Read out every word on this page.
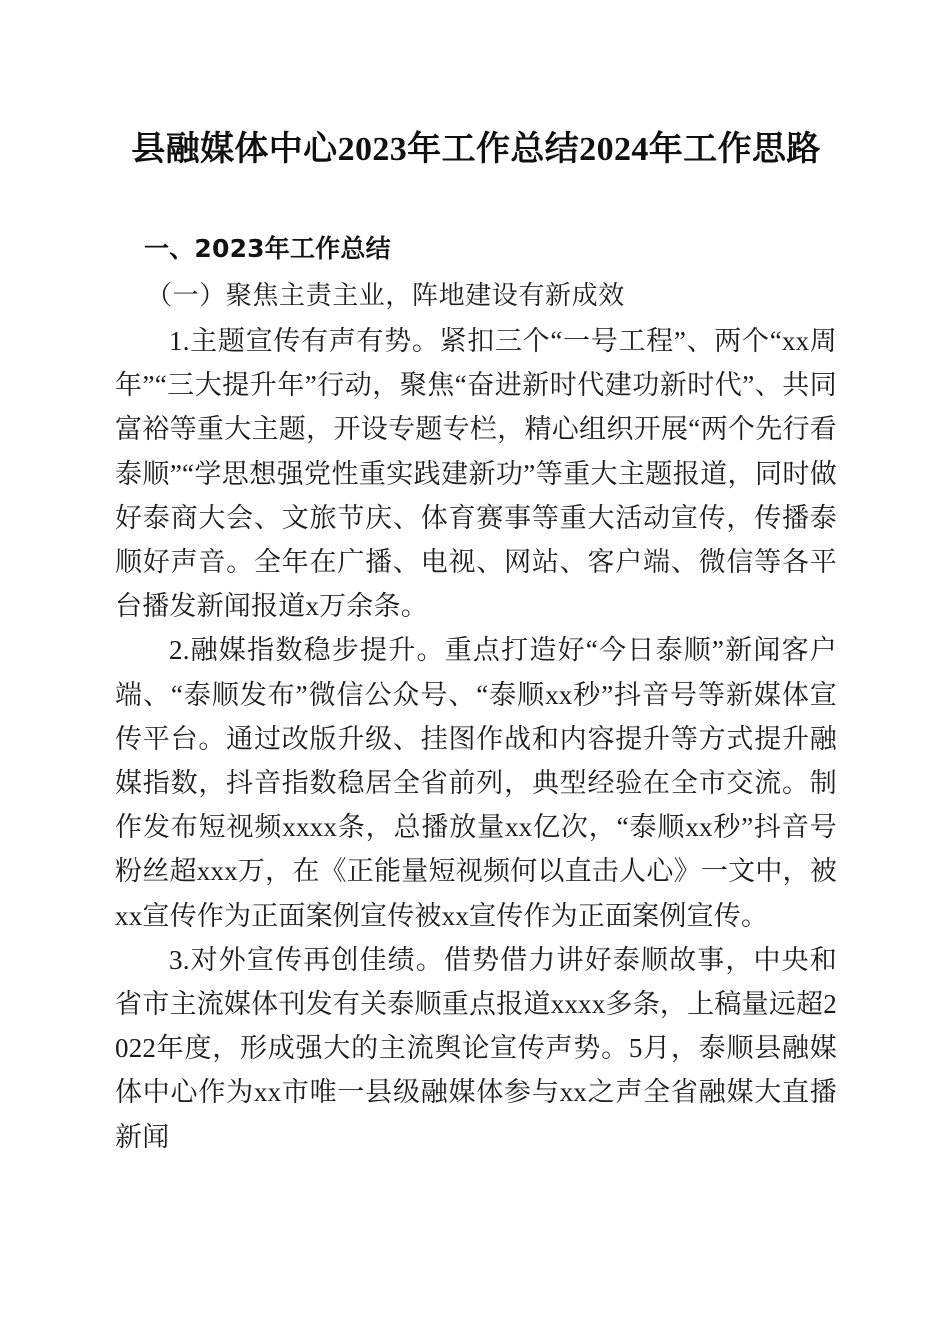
县融媒体中心2023年工作总结2024年工作思路
一、2023年工作总结
（一）聚焦主责主业，阵地建设有新成效

1.主题宣传有声有势。紧扣三个“一号工程”、两个“xx周年”“三大提升年”行动，聚焦“奋进新时代建功新时代”、共同富裕等重大主题，开设专题专栏，精心组织开展“两个先行看泰顺”“学思想强党性重实践建新功”等重大主题报道，同时做好泰商大会、文旅节庆、体育赛事等重大活动宣传，传播泰顺好声音。全年在广播、电视、网站、客户端、微信等各平台播发新闻报道x万余条。

2.融媒指数稳步提升。重点打造好“今日泰顺”新闻客户端、“泰顺发布”微信公众号、“泰顺xx秒”抖音号等新媒体宣传平台。通过改版升级、挂图作战和内容提升等方式提升融媒指数，抖音指数稳居全省前列，典型经验在全市交流。制作发布短视频xxxx条，总播放量xx亿次，“泰顺xx秒”抖音号粉丝超xxx万，在《正能量短视频何以直击人心》一文中，被xx宣传作为正面案例宣传被xx宣传作为正面案例宣传。

3.对外宣传再创佳绩。借势借力讲好泰顺故事，中央和省市主流媒体刊发有关泰顺重点报道xxxx多条，上稿量远超2022年度，形成强大的主流舆论宣传声势。5月，泰顺县融媒体中心作为xx市唯一县级融媒体参与xx之声全省融媒大直播新闻
